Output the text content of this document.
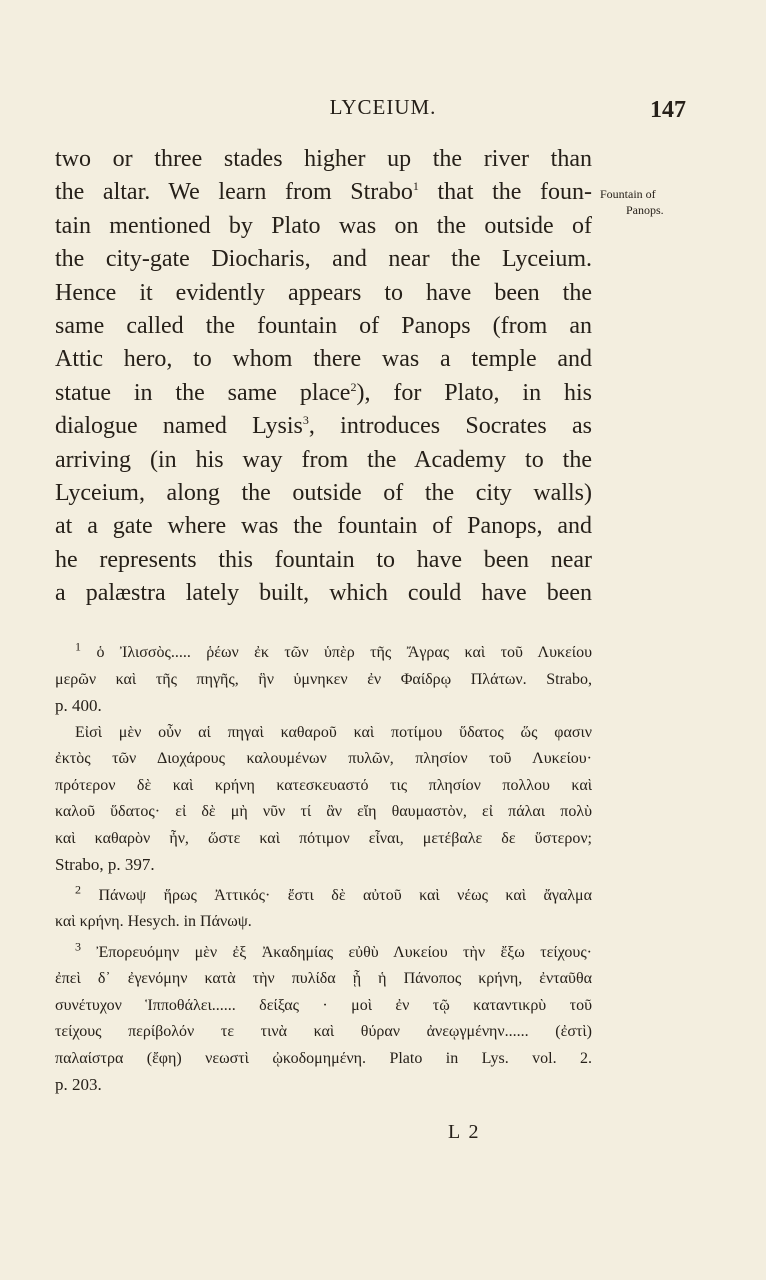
LYCEIUM.	147
Fountain of
Panops.
two or three stades higher up the river than
the altar. We learn from Strabo$^1$ that the foun-
tain mentioned by Plato was on the outside of
the city-gate Diocharis, and near the Lyceium.
Hence it evidently appears to have been the
same called the fountain of Panops (from an
Attic hero, to whom there was a temple and
statue in the same place$^2$), for Plato, in his
dialogue named Lysis$^3$, introduces Socrates as
arriving (in his way from the Academy to the
Lyceium, along the outside of the city walls)
at a gate where was the fountain of Panops, and
he represents this fountain to have been near
a palæstra lately built, which could have been
$^1$ ὁ Ἰλισσὸς..... ῥέων ἐκ τῶν ὑπὲρ τῆς Ἄγρας καὶ τοῦ Λυκείου
μερῶν καὶ τῆς πηγῆς, ἣν ὑμνηκεν ἐν Φαίδρῳ Πλάτων. Strabo,
p. 400.
Εἰσὶ μὲν οὖν αἱ πηγαὶ καθαροῦ καὶ ποτίμου ὕδατος ὥς φασιν
ἐκτὸς τῶν Διοχάρους καλουμένων πυλῶν, πλησίον τοῦ Λυκείου·
πρότερον δὲ καὶ κρήνη κατεσκευαστό τις πλησίον πολλου καὶ
καλοῦ ὕδατος· εἰ δὲ μὴ νῦν τί ἂν εἴη θαυμαστὸν, εἰ πάλαι πολὺ
καὶ καθαρὸν ἦν, ὥστε καὶ πότιμον εἶναι, μετέβαλε δε ὕστερον;
Strabo, p. 397.
$^2$ Πάνωψ ἥρως Ἀττικός· ἔστι δὲ αὐτοῦ καὶ νέως καὶ ἄγαλμα
καὶ κρήνη. Hesych. in Πάνωψ.
$^3$ Ἐπορευόμην μὲν ἐξ Ἀκαδημίας εὐθὺ Λυκείου τὴν ἔξω τείχους·
ἐπεὶ δ᾽ ἐγενόμην κατὰ τὴν πυλίδα ᾗ ἡ Πάνοπος κρήνη, ἐνταῦθα
συνέτυχον Ἱπποθάλει...... δείξας · μοὶ ἐν τῷ καταντικρὺ τοῦ
τείχους περίβολόν τε τινὰ καὶ θύραν ἀνεῳγμένην...... (ἐστὶ)
παλαίστρα (ἔφη) νεωστὶ ᾠκοδομημένη. Plato in Lys. vol. 2.
p. 203.
L 2
